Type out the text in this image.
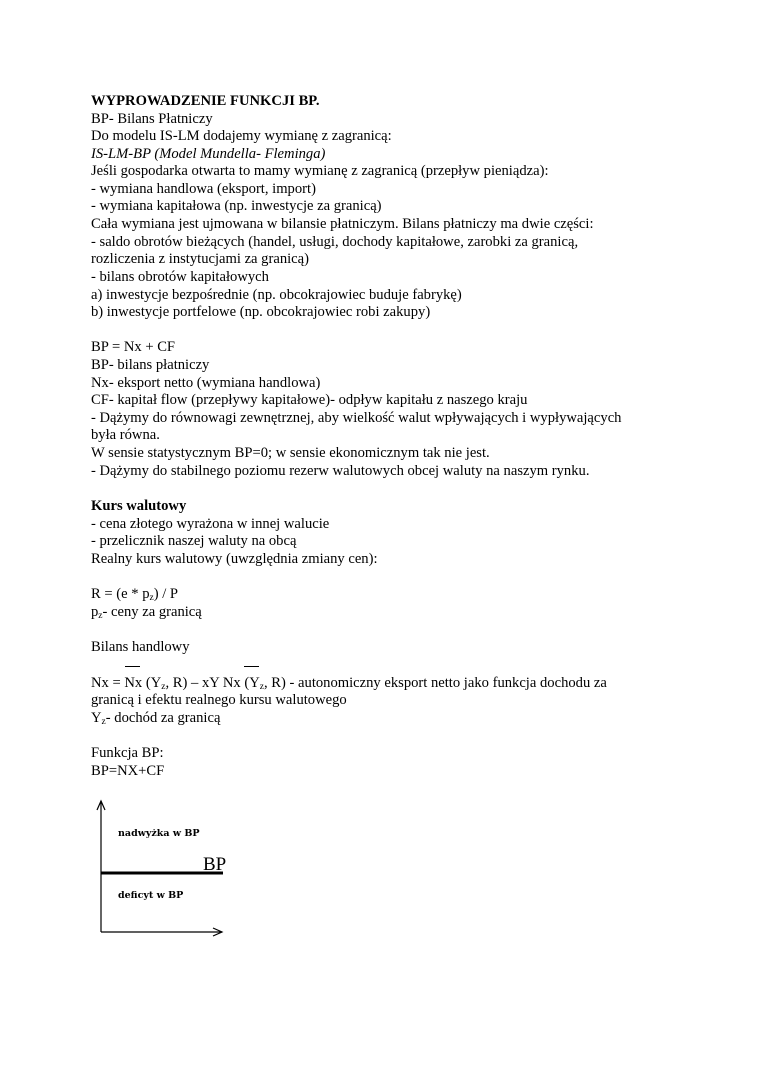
WYPROWADZENIE FUNKCJI BP.
BP- Bilans Płatniczy
Do modelu IS-LM dodajemy wymianę z zagranicą:
IS-LM-BP (Model Mundella- Fleminga)
Jeśli gospodarka otwarta to mamy wymianę z zagranicą (przepływ pieniądza):
- wymiana handlowa (eksport, import)
- wymiana kapitałowa (np. inwestycje za granicą)
Cała wymiana jest ujmowana w bilansie płatniczym. Bilans płatniczy ma dwie części:
- saldo obrotów bieżących (handel, usługi, dochody kapitałowe, zarobki za granicą,
rozliczenia z instytucjami za granicą)
- bilans obrotów kapitałowych
a) inwestycje bezpośrednie (np. obcokrajowiec buduje fabrykę)
b) inwestycje portfelowe (np. obcokrajowiec robi zakupy)
BP = Nx + CF
BP- bilans płatniczy
Nx- eksport netto (wymiana handlowa)
CF- kapitał flow (przepływy kapitałowe)- odpływ kapitału z naszego kraju
- Dążymy do równowagi zewnętrznej, aby wielkość walut wpływających i wypływających
była równa.
W sensie statystycznym BP=0; w sensie ekonomicznym tak nie jest.
- Dążymy do stabilnego poziomu rezerw walutowych obcej waluty na naszym rynku.
Kurs walutowy
- cena złotego wyrażona w innej walucie
- przelicznik naszej waluty na obcą
Realny kurs walutowy (uwzględnia zmiany cen):
$R = (e * p_z) / P$
$p_z-$ ceny za granicą
Bilans handlowy
Nx = Nx ($Y_z$, R) – xY Nx ($Y_z$, R) - autonomiczny eksport netto jako funkcja dochodu za
granicą i efektu realnego kursu walutowego
$Y_z-$ dochód za granicą
Funkcja BP:
BP=NX+CF
nadwyżka w BP
BP
deficyt w BP
